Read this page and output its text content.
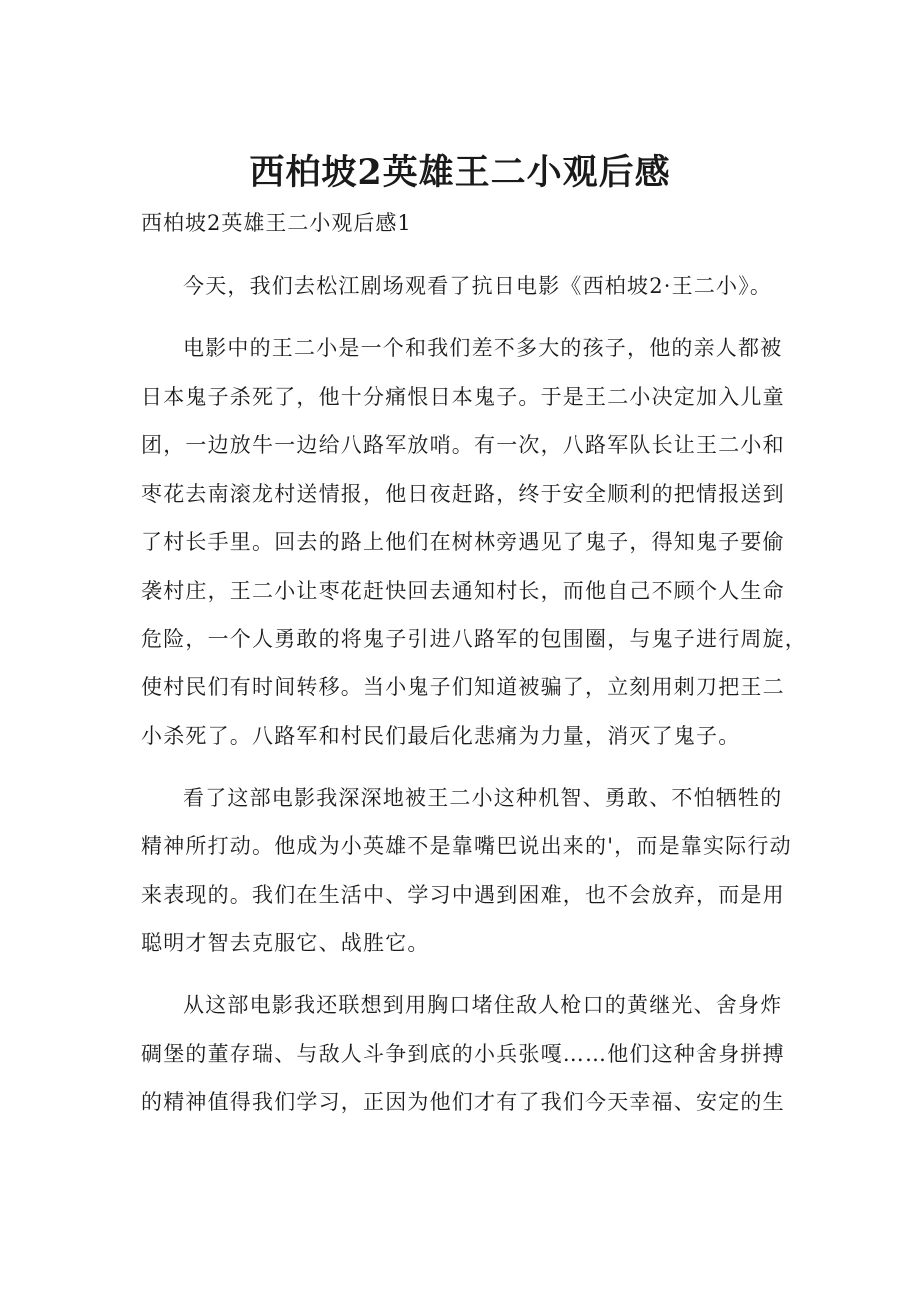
西柏坡2英雄王二小观后感
西柏坡2英雄王二小观后感1
今天，我们去松江剧场观看了抗日电影《西柏坡2·王二小》。
电影中的王二小是一个和我们差不多大的孩子，他的亲人都被
日本鬼子杀死了，他十分痛恨日本鬼子。于是王二小决定加入儿童
团，一边放牛一边给八路军放哨。有一次，八路军队长让王二小和
枣花去南滚龙村送情报，他日夜赶路，终于安全顺利的把情报送到
了村长手里。回去的路上他们在树林旁遇见了鬼子，得知鬼子要偷
袭村庄，王二小让枣花赶快回去通知村长，而他自己不顾个人生命
危险，一个人勇敢的将鬼子引进八路军的包围圈，与鬼子进行周旋，
使村民们有时间转移。当小鬼子们知道被骗了，立刻用刺刀把王二
小杀死了。八路军和村民们最后化悲痛为力量，消灭了鬼子。
看了这部电影我深深地被王二小这种机智、勇敢、不怕牺牲的
精神所打动。他成为小英雄不是靠嘴巴说出来的'，而是靠实际行动
来表现的。我们在生活中、学习中遇到困难，也不会放弃，而是用
聪明才智去克服它、战胜它。
从这部电影我还联想到用胸口堵住敌人枪口的黄继光、舍身炸
碉堡的董存瑞、与敌人斗争到底的小兵张嘎……他们这种舍身拼搏
的精神值得我们学习，正因为他们才有了我们今天幸福、安定的生
